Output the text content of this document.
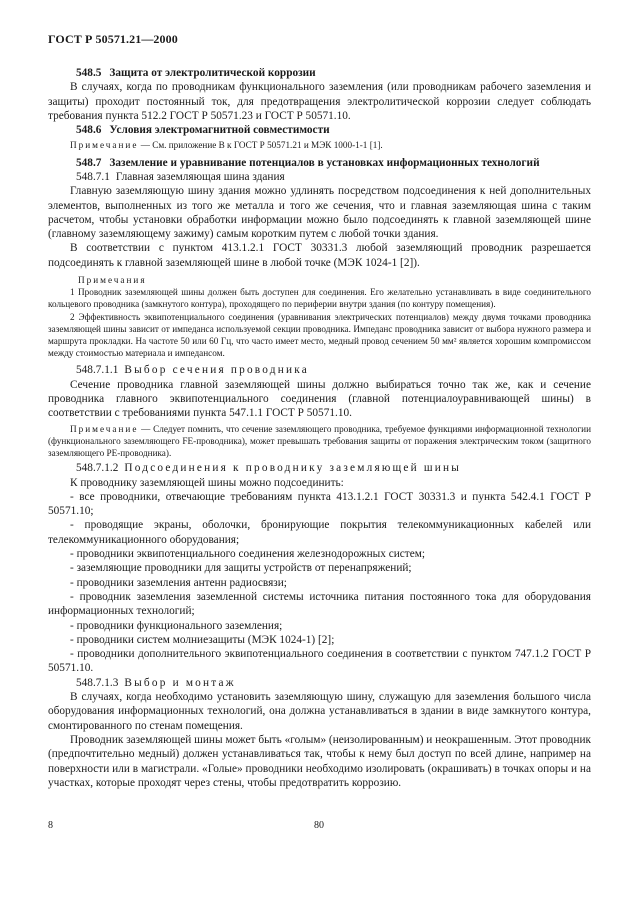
ГОСТ Р 50571.21—2000
548.5 Защита от электролитической коррозии

В случаях, когда по проводникам функционального заземления (или проводникам рабочего заземления и защиты) проходит постоянный ток, для предотвращения электролитической коррозии следует соблюдать требования пункта 512.2 ГОСТ Р 50571.23 и ГОСТ Р 50571.10.

548.6 Условия электромагнитной совместимости

Примечание — См. приложение В к ГОСТ Р 50571.21 и МЭК 1000-1-1 [1].

548.7 Заземление и уравнивание потенциалов в установках информационных технологий
548.7.1 Главная заземляющая шина здания

Главную заземляющую шину здания можно удлинять посредством подсоединения к ней дополнительных элементов, выполненных из того же металла и того же сечения, что и главная заземляющая шина с таким расчетом, чтобы установки обработки информации можно было подсоединять к главной заземляющей шине (главному заземляющему зажиму) самым коротким путем с любой точки здания.

В соответствии с пунктом 413.1.2.1 ГОСТ 30331.3 любой заземляющий проводник разрешается подсоединять к главной заземляющей шине в любой точке (МЭК 1024-1 [2]).

Примечания

1 Проводник заземляющей шины должен быть доступен для соединения. Его желательно устанавливать в виде соединительного кольцевого проводника (замкнутого контура), проходящего по периферии внутри здания (по контуру помещения).

2 Эффективность эквипотенциального соединения (уравнивания электрических потенциалов) между двумя точками проводника заземляющей шины зависит от импеданса используемой секции проводника. Импеданс проводника зависит от выбора нужного размера и маршрута прокладки. На частоте 50 или 60 Гц, что часто имеет место, медный провод сечением 50 мм² является хорошим компромиссом между стоимостью материала и импедансом.

548.7.1.1 Выбор сечения проводника

Сечение проводника главной заземляющей шины должно выбираться точно так же, как и сечение проводника главного эквипотенциального соединения (главной потенциалоуравнивающей шины) в соответствии с требованиями пункта 547.1.1 ГОСТ Р 50571.10.

Примечание — Следует помнить, что сечение заземляющего проводника, требуемое функциями информационной технологии (функционального заземляющего FE-проводника), может превышать требования защиты от поражения электрическим током (защитного заземляющего PE-проводника).

548.7.1.2 Подсоединения к проводнику заземляющей шины

К проводнику заземляющей шины можно подсоединить:

- все проводники, отвечающие требованиям пункта 413.1.2.1 ГОСТ 30331.3 и пункта 542.4.1 ГОСТ Р 50571.10;

- проводящие экраны, оболочки, бронирующие покрытия телекоммуникационных кабелей или телекоммуникационного оборудования;

- проводники эквипотенциального соединения железнодорожных систем;

- заземляющие проводники для защиты устройств от перенапряжений;

- проводники заземления антенн радиосвязи;

- проводник заземления заземленной системы источника питания постоянного тока для оборудования информационных технологий;

- проводники функционального заземления;

- проводники систем молниезащиты (МЭК 1024-1) [2];

- проводники дополнительного эквипотенциального соединения в соответствии с пунктом 747.1.2 ГОСТ Р 50571.10.

548.7.1.3 Выбор и монтаж

В случаях, когда необходимо установить заземляющую шину, служащую для заземления большого числа оборудования информационных технологий, она должна устанавливаться в здании в виде замкнутого контура, смонтированного по стенам помещения.

Проводник заземляющей шины может быть «голым» (неизолированным) и неокрашенным. Этот проводник (предпочтительно медный) должен устанавливаться так, чтобы к нему был доступ по всей длине, например на поверхности или в магистрали. «Голые» проводники необходимо изолировать (окрашивать) в точках опоры и на участках, которые проходят через стены, чтобы предотвратить коррозию.

8	80
